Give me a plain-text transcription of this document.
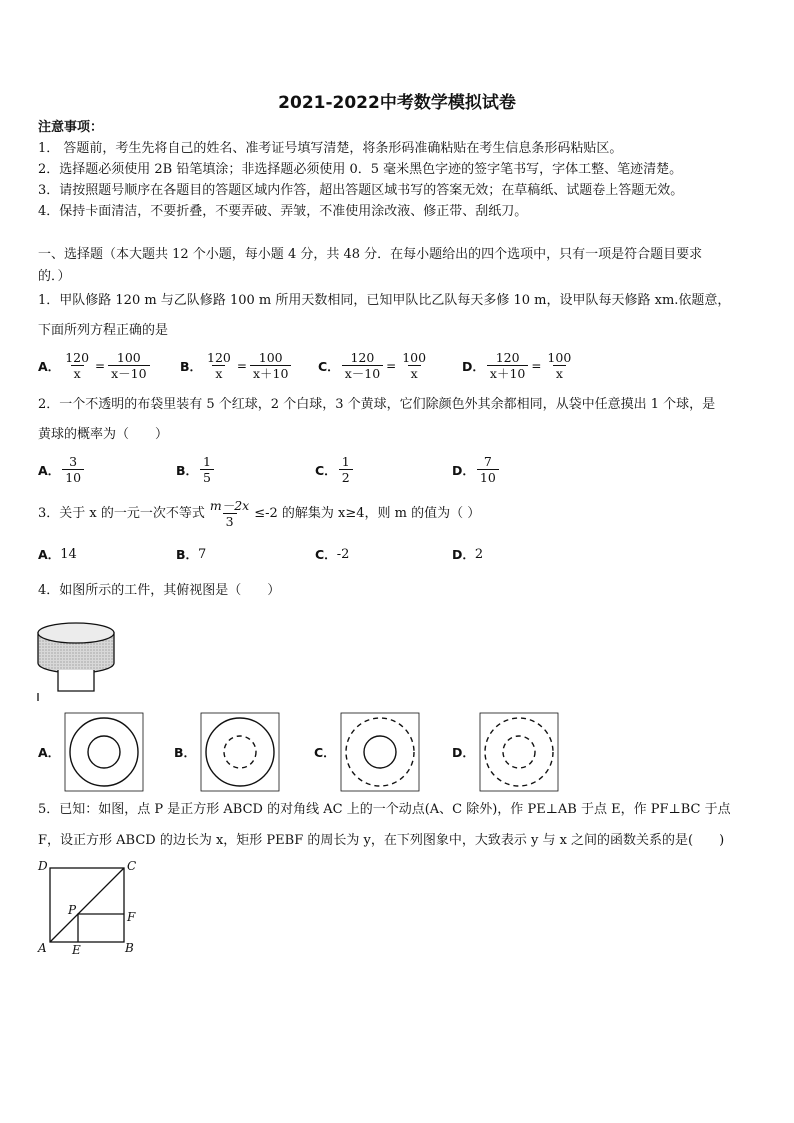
2021-2022中考数学模拟试卷
注意事项：
1． 答题前，考生先将自己的姓名、准考证号填写清楚，将条形码准确粘贴在考生信息条形码粘贴区。
2．选择题必须使用 2B 铅笔填涂；非选择题必须使用 0．5 毫米黑色字迹的签字笔书写，字体工整、笔迹清楚。
3．请按照题号顺序在各题目的答题区域内作答，超出答题区域书写的答案无效；在草稿纸、试题卷上答题无效。
4．保持卡面清洁，不要折叠，不要弄破、弄皱，不准使用涂改液、修正带、刮纸刀。
一、选择题（本大题共 12 个小题，每小题 4 分，共 48 分．在每小题给出的四个选项中，只有一项是符合题目要求
的．）
1．甲队修路 120 m 与乙队修路 100 m 所用天数相同，已知甲队比乙队每天多修 10 m，设甲队每天修路 xm.依题意，
下面所列方程正确的是
A． $\frac{120}{x} = \frac{100}{x-10}$ B． $\frac{120}{x} = \frac{100}{x+10}$ C． $\frac{120}{x-10} = \frac{100}{x}$	D． $\frac{120}{x+10} = \frac{100}{x}$
2．一个不透明的布袋里装有 5 个红球，2 个白球，3 个黄球，它们除颜色外其余都相同，从袋中任意摸出 1 个球，是
黄球的概率为（　　）
A． $\frac{3}{10}$	B． $\frac{1}{5}$	C． $\frac{1}{2}$	D． $\frac{7}{10}$
3．关于 x 的一元一次不等式 $\frac{m-2x}{3} \le-2$ 的解集为 x≥4，则 m 的值为（ ）
A． 14	B． 7	C． -2	D． 2
4．如图所示的工件，其俯视图是（　　）
A．	B．	C．	D．
5．已知：如图，点 P 是正方形 ABCD 的对角线 AC 上的一个动点(A、C 除外)，作 PE⊥AB 于点 E，作 PF⊥BC 于点
F，设正方形 ABCD 的边长为 x，矩形 PEBF 的周长为 y，在下列图象中，大致表示 y 与 x 之间的函数关系的是(　　)
D	C
P	F
A E	B
